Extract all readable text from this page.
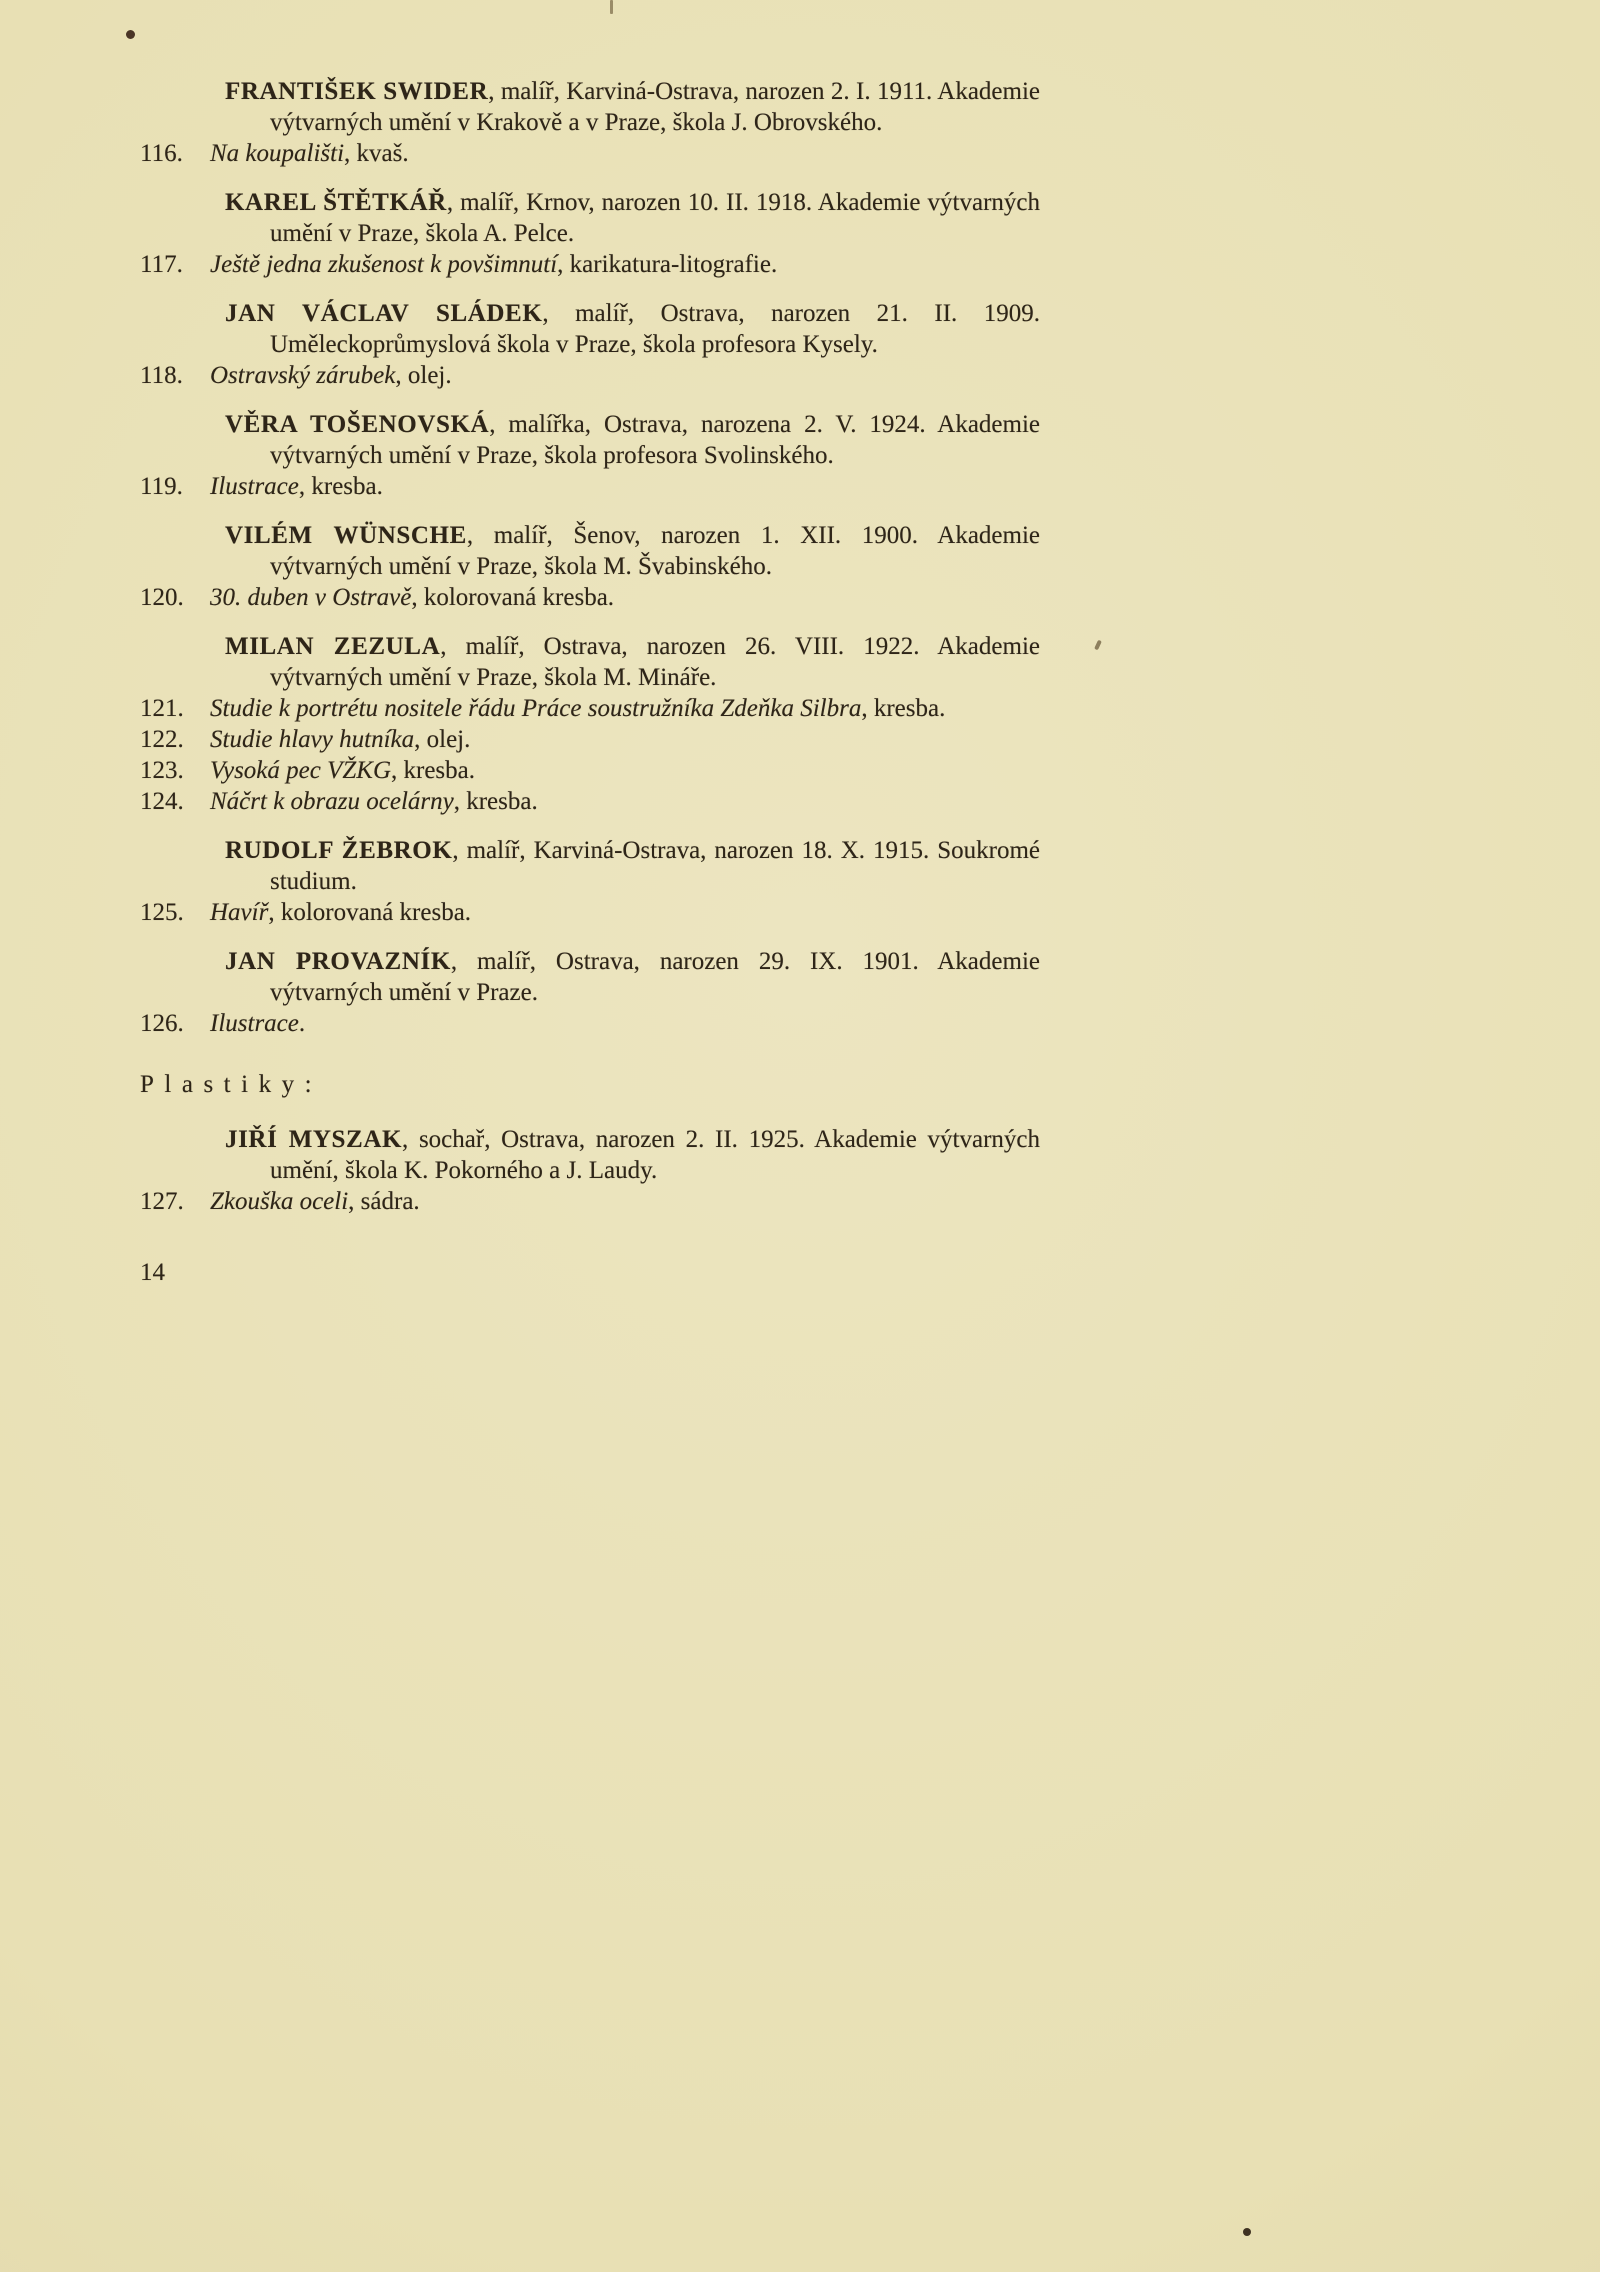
FRANTIŠEK SWIDER, malíř, Karviná-Ostrava, narozen 2. I. 1911. Akademie výtvarných umění v Krakově a v Praze, škola J. Obrovského.
116. Na koupališti, kvaš.
KAREL ŠTĚTKÁŘ, malíř, Krnov, narozen 10. II. 1918. Akademie výtvarných umění v Praze, škola A. Pelce.
117. Ještě jedna zkušenost k povšimnutí, karikatura-litografie.
JAN VÁCLAV SLÁDEK, malíř, Ostrava, narozen 21. II. 1909. Uměleckoprůmyslová škola v Praze, škola profesora Kysely.
118. Ostravský zárubek, olej.
VĚRA TOŠENOVSKÁ, malířka, Ostrava, narozena 2. V. 1924. Akademie výtvarných umění v Praze, škola profesora Svolinského.
119. Ilustrace, kresba.
VILÉM WÜNSCHE, malíř, Šenov, narozen 1. XII. 1900. Akademie výtvarných umění v Praze, škola M. Švabinského.
120. 30. duben v Ostravě, kolorovaná kresba.
MILAN ZEZULA, malíř, Ostrava, narozen 26. VIII. 1922. Akademie výtvarných umění v Praze, škola M. Mináře.
121. Studie k portrétu nositele řádu Práce soustružníka Zdeňka Silbra, kresba.
122. Studie hlavy hutníka, olej.
123. Vysoká pec VŽKG, kresba.
124. Náčrt k obrazu ocelárny, kresba.
RUDOLF ŽEBROK, malíř, Karviná-Ostrava, narozen 18. X. 1915. Soukromé studium.
125. Havíř, kolorovaná kresba.
JAN PROVAZNÍK, malíř, Ostrava, narozen 29. IX. 1901. Akademie výtvarných umění v Praze.
126. Ilustrace.
Plastiky:
JIŘÍ MYSZAK, sochař, Ostrava, narozen 2. II. 1925. Akademie výtvarných umění, škola K. Pokorného a J. Laudy.
127. Zkouška oceli, sádra.
14
